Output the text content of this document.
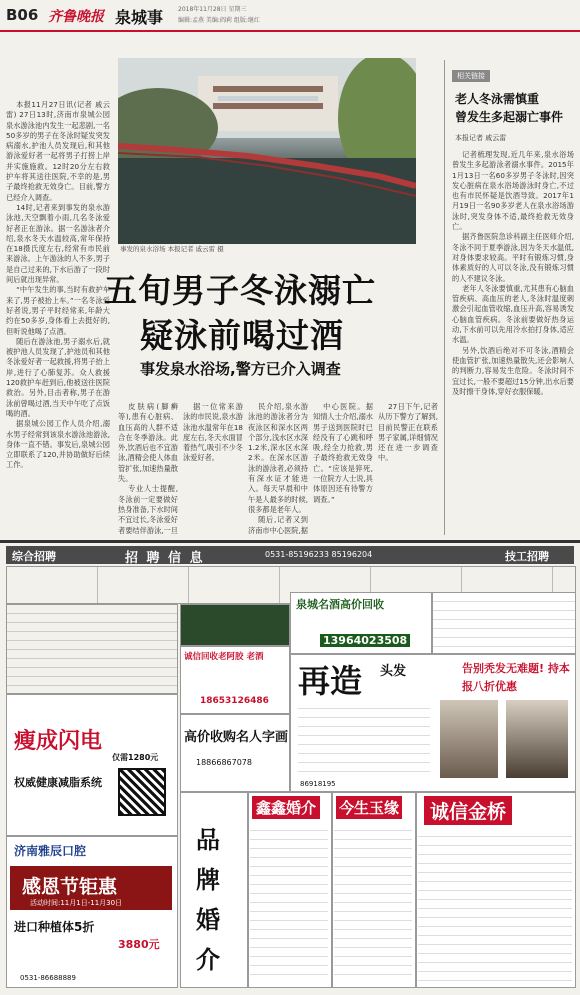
B06 齐鲁晚报 泉城事 2018年11月28日 星期三
编辑:孟燕 美编:阎莉 组版:继红

本报11月27日讯(记者 戚云雷) 27日13时,济南市泉城公园泉水游泳池内发生一起悲剧,一名50多岁的男子在冬泳时疑发突发病溺水,护池人员发现后,和其他游泳爱好者一起将男子打捞上岸并实施施救。12时20分左右救护车将其送往医院,不幸的是,男子最终抢救无效身亡。目前,警方已经介入调查。

14时,记者来到事发的泉水游泳池,天空飘着小雨,几名冬泳爱好者正在游泳。据一名游泳者介绍,泉水冬天水温较高,常年保持在18摄氏度左右,经常有市民前来游泳。上午游泳的人不多,男子是自己过来的,下水后游了一段时间后就出现异常。

“中午发生的事,当时有救护车来了,男子被抬上车。”一名冬泳爱好者说,男子平时经常来,年龄大约在50多岁,身体看上去挺好的,但听说他喝了点酒。

随后在游泳池,男子溺水后,就被护池人员发现了,护池员和其他冬泳爱好者一起救援,将男子抬上岸,进行了心肺复苏。众人救援120救护车赶到后,他被送往医院救治。另外,目击者称,男子在游泳前曾喝过酒,当天中午吃了点饭喝的酒。

据泉城公园工作人员介绍,溺水男子经常到该泉水游泳池游泳,身体一直不错。事发后,泉城公园立即联系了120,并协助做好后续工作。

事发的泉水浴场 本报记者 戚云雷 摄
五旬男子冬泳溺亡
疑泳前喝过酒
事发泉水浴场,警方已介入调查

皮肤病(脚癣等),患有心脏病、血压高的人群不适合在冬季游泳。此外,饮酒后也不宜游泳,酒精会使人体血管扩张,加速热量散失。

专业人士提醒,冬泳前一定要做好热身准备,下水时间不宜过长,冬泳爱好者要结伴游泳,一旦

据一位常来游泳的市民说,泉水游泳池水温常年在18度左右,冬天水面冒着热气,吸引不少冬泳爱好者。

民介绍,泉水游泳池的游泳者分为夜泳区和深水区两个部分,浅水区水深1.2米,深水区水深2米。在深水区游泳的游泳者,必须持有深水证才能进入。每天早晨和中午是人最多的时候,很多都是老年人。

随后,记者又到济南市中心医院,据

中心医院。据知情人士介绍,溺水男子送到医院时已经没有了心跳和呼吸,经全力抢救,男子最终抢救无效身亡。“应该是猝死,一位院方人士说,具体原因还有待警方调查。”

27日下午,记者从历下警方了解到,目前民警正在联系男子家属,详细情况还在进一步调查中。

相关链接
老人冬泳需慎重
曾发生多起溺亡事件
本报记者 戚云雷

记者梳理发现,近几年来,泉水浴场曾发生多起游泳者溺水事件。2015年1月13日一名60多岁男子冬泳时,因突发心脏病在泉水浴场游泳时身亡,不过也有市民怀疑是饮酒导致。2017年1月19日一名90多岁老人在泉水浴场游泳时,突发身体不适,最终抢救无效身亡。

据齐鲁医院急诊科副主任医师介绍,冬泳不同于夏季游泳,因为冬天水温低,对身体要求较高。平时有锻炼习惯,身体素质好的人可以冬泳,没有锻炼习惯的人不建议冬泳。

老年人冬泳要慎重,尤其患有心脑血管疾病、高血压的老人,冬泳时温度刺激会引起血管收缩,血压升高,容易诱发心脑血管疾病。冬泳前要做好热身运动,下水前可以先用冷水拍打身体,适应水温。

另外,饮酒后绝对不可冬泳,酒精会使血管扩张,加速热量散失,还会影响人的判断力,容易发生危险。冬泳时间不宜过长,一般不要超过15分钟,出水后要及时擦干身体,穿好衣服保暖。

综合招聘	招 聘 信 息	0531-85196233 85196204	技工招聘
瘦成闪电
权威健康减脂系统
仅需1280元
济南雅辰口腔
感恩节钜惠
活动时间:11月1日-11月30日
进口种植体5折
3880元
诚信回收老阿胶 老酒
18653126486
高价收购名人字画
18866867078
品牌婚介
鑫鑫婚介
泉城名酒高价回收
13964023508
再造 头发	告别秃发无难题! 持本报八折优惠
86918195
今生玉缘	诚信金桥
0531-86688889
